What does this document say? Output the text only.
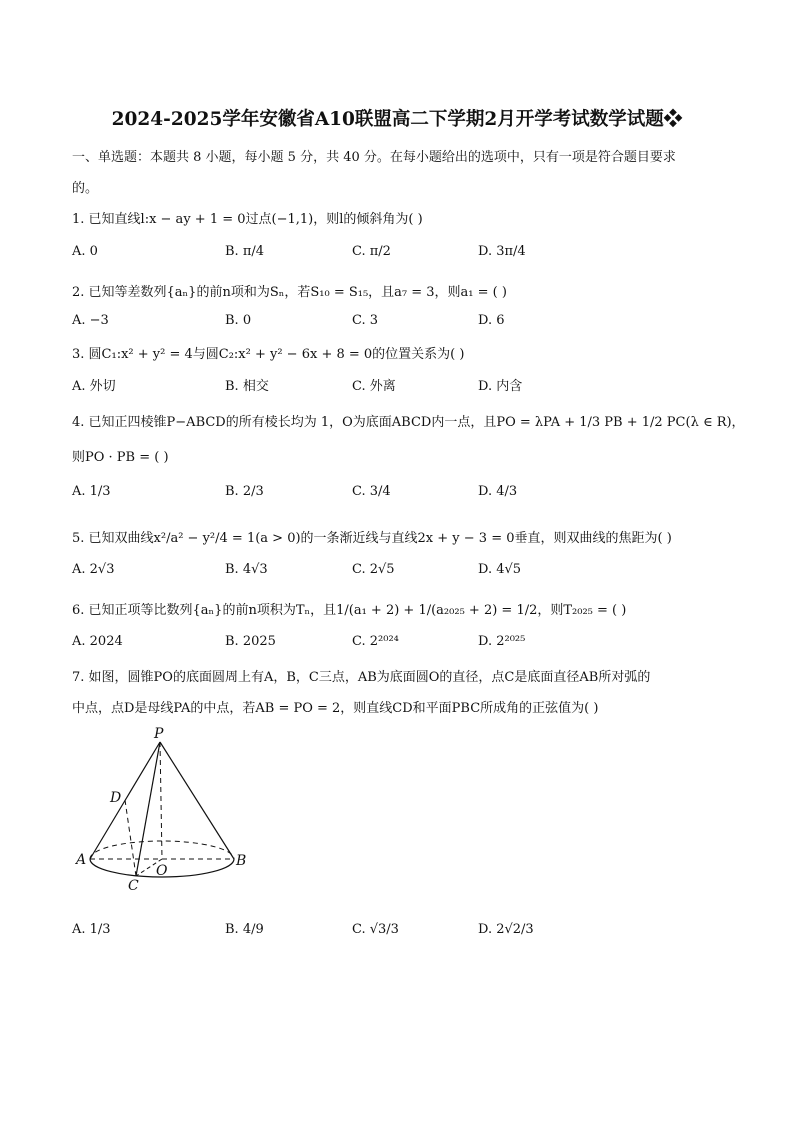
2024-2025学年安徽省A10联盟高二下学期2月开学考试数学试题❖
一、单选题：本题共 8 小题，每小题 5 分，共 40 分。在每小题给出的选项中，只有一项是符合题目要求
的。
1. 已知直线l:x − ay + 1 = 0过点(−1,1)，则l的倾斜角为( )
A. 0	B. π/4	C. π/2	D. 3π/4
2. 已知等差数列{aₙ}的前n项和为Sₙ，若S₁₀ = S₁₅，且a₇ = 3，则a₁ = ( )
A. −3	B. 0	C. 3	D. 6
3. 圆C₁:x² + y² = 4与圆C₂:x² + y² − 6x + 8 = 0的位置关系为( )
A. 外切	B. 相交	C. 外离	D. 内含
4. 已知正四棱锥P−ABCD的所有棱长均为 1，O为底面ABCD内一点，且PO = λPA + 1/3 PB + 1/2 PC(λ ∈ R)，
则PO · PB = ( )
A. 1/3	B. 2/3	C. 3/4	D. 4/3
5. 已知双曲线x²/a² − y²/4 = 1(a > 0)的一条渐近线与直线2x + y − 3 = 0垂直，则双曲线的焦距为( )
A. 2√3	B. 4√3	C. 2√5	D. 4√5
6. 已知正项等比数列{aₙ}的前n项积为Tₙ，且1/(a₁ + 2) + 1/(a₂₀₂₅ + 2) = 1/2，则T₂₀₂₅ = ( )
A. 2024	B. 2025	C. 2²⁰²⁴	D. 2²⁰²⁵
7. 如图，圆锥PO的底面圆周上有A，B，C三点，AB为底面圆O的直径，点C是底面直径AB所对弧的
中点，点D是母线PA的中点，若AB = PO = 2，则直线CD和平面PBC所成角的正弦值为( )
P
D
A	B
C
O
A. 1/3	B. 4/9	C. √3/3	D. 2√2/3
